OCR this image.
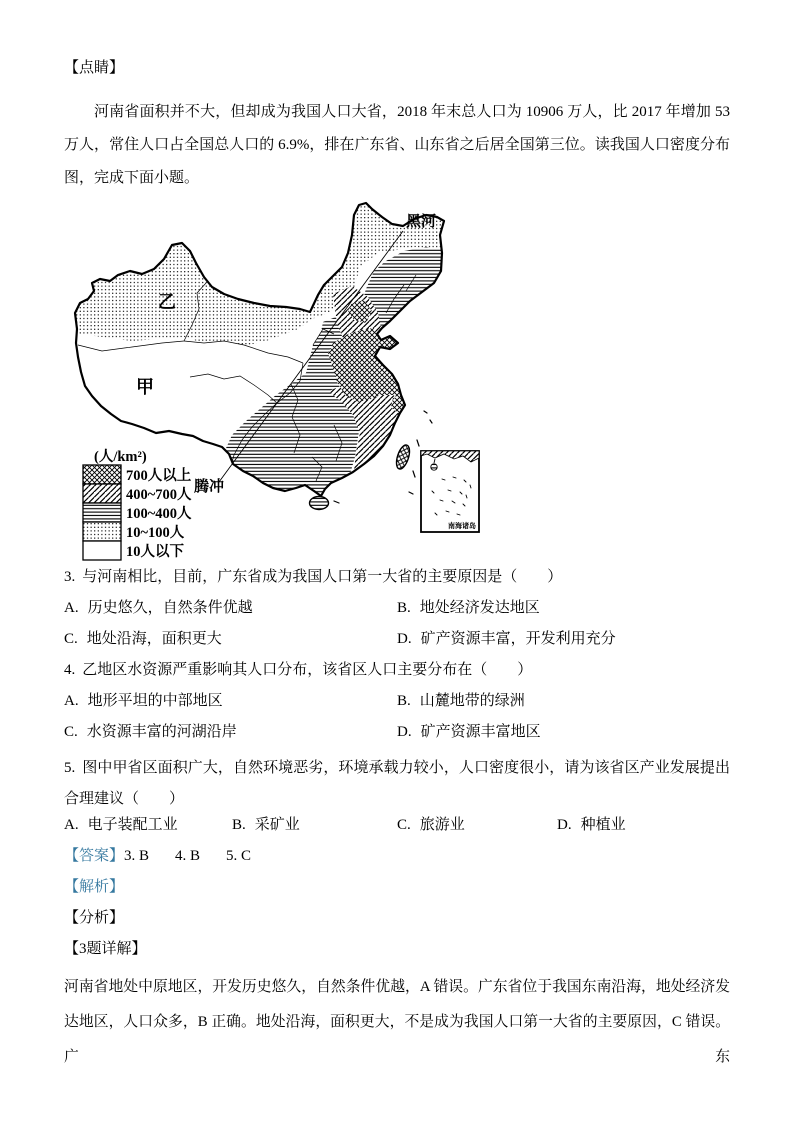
【点睛】

河南省面积并不大，但却成为我国人口大省，2018 年末总人口为 10906 万人，比 2017 年增加 53 万人，常住人口占全国总人口的 6.9%，排在广东省、山东省之后居全国第三位。读我国人口密度分布图，完成下面小题。

南海诸岛
黑河
乙
甲
腾冲
(人/km²)
700人以上
400~700人
100~400人
10~100人
10人以下
3. 与河南相比，目前，广东省成为我国人口第一大省的主要原因是（　　）
A. 历史悠久，自然条件优越	B. 地处经济发达地区
C. 地处沿海，面积更大	D. 矿产资源丰富，开发利用充分
4. 乙地区水资源严重影响其人口分布，该省区人口主要分布在（　　）
A. 地形平坦的中部地区	B. 山麓地带的绿洲
C. 水资源丰富的河湖沿岸	D. 矿产资源丰富地区
5. 图中甲省区面积广大，自然环境恶劣，环境承载力较小，人口密度很小，请为该省区产业发展提出合理建议（　　）
A. 电子装配工业	B. 采矿业	C. 旅游业	D. 种植业
【答案】3. B 4. B 5. C
【解析】
【分析】
【3题详解】

河南省地处中原地区，开发历史悠久，自然条件优越，A 错误。广东省位于我国东南沿海，地处经济发达地区，人口众多，B 正确。地处沿海，面积更大，不是成为我国人口第一大省的主要原因，C 错误。广东
